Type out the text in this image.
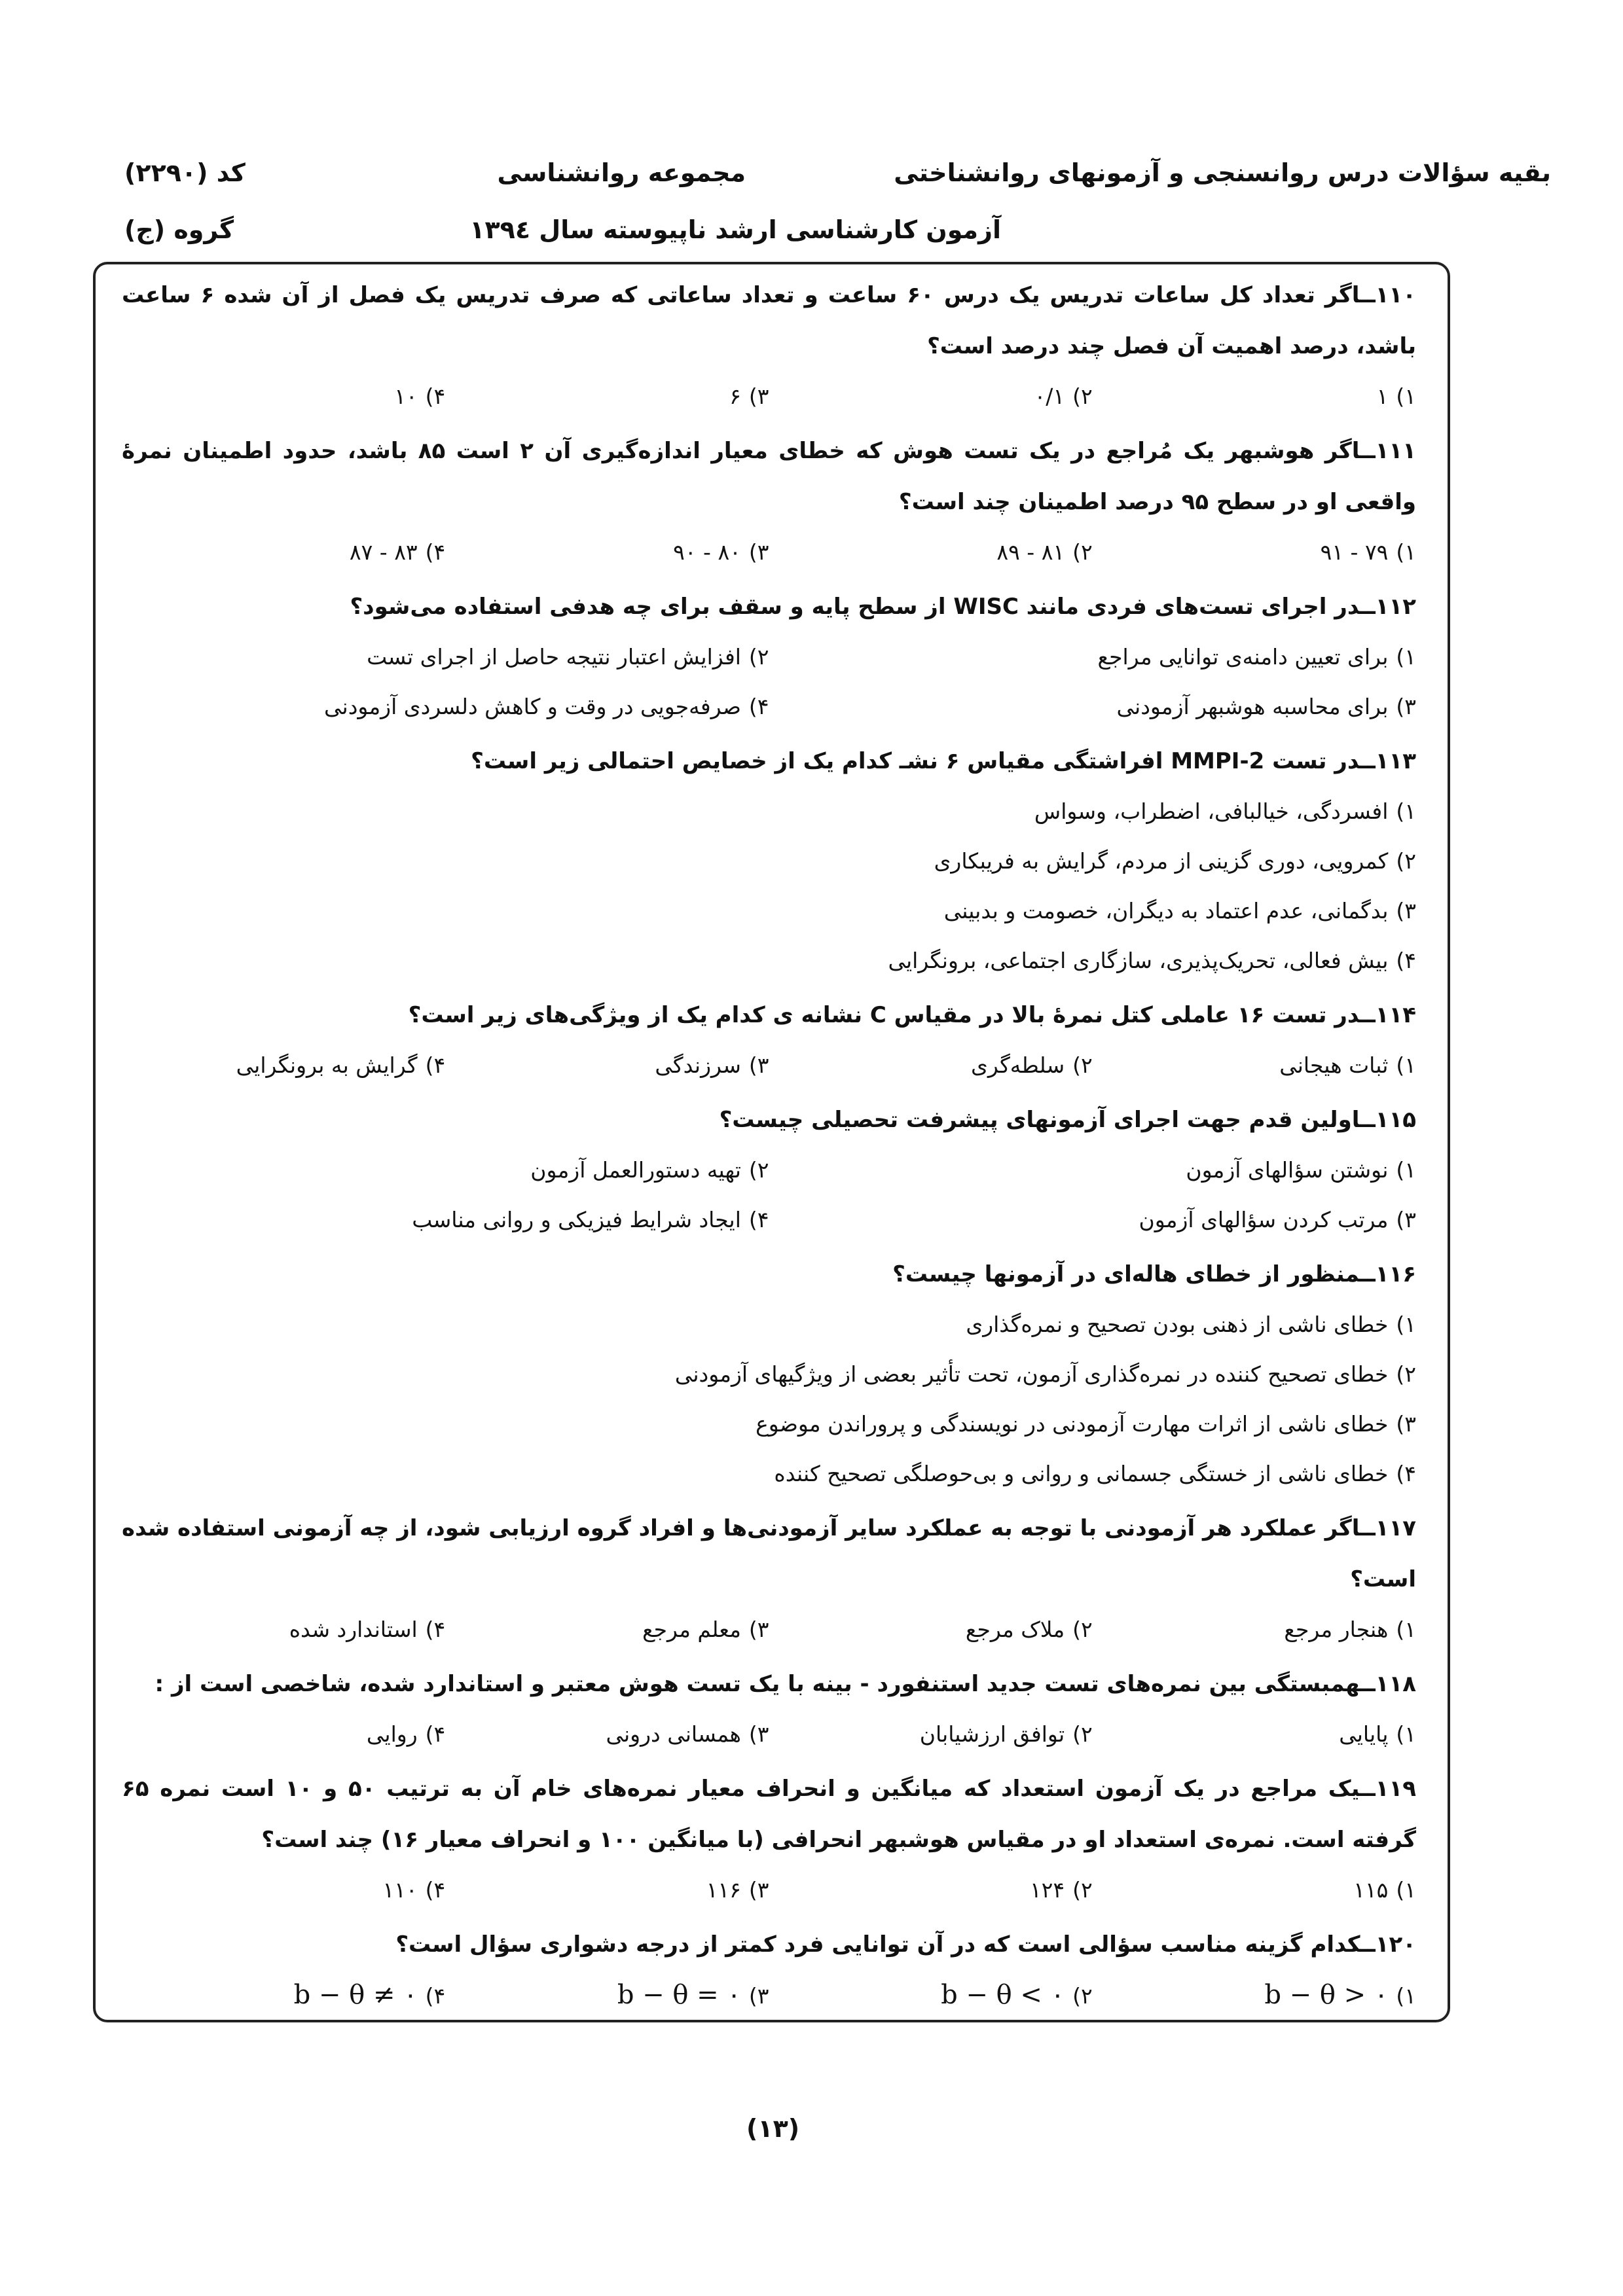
بقیه سؤالات درس روانسنجی و آزمونهای روانشناختی
مجموعه روانشناسی
کد (۲۲۹۰)
آزمون کارشناسی ارشد ناپیوسته سال ۱۳۹٤
گروه (ج)
۱۱۰ــاگر تعداد کل ساعات تدریس یک درس ۶۰ ساعت و تعداد ساعاتی که صرف تدریس یک فصل از آن شده ۶ ساعت باشد، درصد اهمیت آن فصل چند درصد است؟
۱)۱
۲)۰/۱
۳)۶
۴)۱۰
۱۱۱ــاگر هوشبهر یک مُراجع در یک تست هوش که خطای معیار اندازه‌گیری آن ۲ است ۸۵ باشد، حدود اطمینان نمرۀ واقعی او در سطح ۹۵ درصد اطمینان چند است؟
۱)۷۹ - ۹۱
۲)۸۱ - ۸۹
۳)۸۰ - ۹۰
۴)۸۳ - ۸۷
۱۱۲ــدر اجرای تست‌های فردی مانند WISC از سطح پایه و سقف برای چه هدفی استفاده می‌شود؟
۱)برای تعیین دامنه‌ی توانایی مراجع
۲)افزایش اعتبار نتیجه حاصل از اجرای تست
۳)برای محاسبه هوشبهر آزمودنی
۴)صرفه‌جویی در وقت و کاهش دلسردی آزمودنی
۱۱۳ــدر تست MMPI-2 افراشتگی مقیاس ۶ نشـ کدام یک از خصایص احتمالی زیر است؟
۱)افسردگی، خیالبافی، اضطراب، وسواس
۲)کمرویی، دوری گزینی از مردم، گرایش به فریبکاری
۳)بدگمانی، عدم اعتماد به دیگران، خصومت و بدبینی
۴)بیش فعالی، تحریک‌پذیری، سازگاری اجتماعی، برونگرایی
۱۱۴ــدر تست ۱۶ عاملی کتل نمرۀ بالا در مقیاس C نشانه ی کدام یک از ویژگی‌های زیر است؟
۱)ثبات هیجانی
۲)سلطه‌گری
۳)سرزندگی
۴)گرایش به برونگرایی
۱۱۵ــاولین قدم جهت اجرای آزمونهای پیشرفت تحصیلی چیست؟
۱)نوشتن سؤالهای آزمون
۲)تهیه دستورالعمل آزمون
۳)مرتب کردن سؤالهای آزمون
۴)ایجاد شرایط فیزیکی و روانی مناسب
۱۱۶ــمنظور از خطای هاله‌ای در آزمونها چیست؟
۱)خطای ناشی از ذهنی بودن تصحیح و نمره‌گذاری
۲)خطای تصحیح کننده در نمره‌گذاری آزمون، تحت تأثیر بعضی از ویژگیهای آزمودنی
۳)خطای ناشی از اثرات مهارت آزمودنی در نویسندگی و پروراندن موضوع
۴)خطای ناشی از خستگی جسمانی و روانی و بی‌حوصلگی تصحیح کننده
۱۱۷ــاگر عملکرد هر آزمودنی با توجه به عملکرد سایر آزمودنی‌ها و افراد گروه ارزیابی شود، از چه آزمونی استفاده شده است؟
۱)هنجار مرجع
۲)ملاک مرجع
۳)معلم مرجع
۴)استاندارد شده
۱۱۸ــهمبستگی بین نمره‌های تست جدید استنفورد - بینه با یک تست هوش معتبر و استاندارد شده، شاخصی است از :
۱)پایایی
۲)توافق ارزشیابان
۳)همسانی درونی
۴)روایی
۱۱۹ــیک مراجع در یک آزمون استعداد که میانگین و انحراف معیار نمره‌های خام آن به ترتیب ۵۰ و ۱۰ است نمره ۶۵ گرفته است. نمره‌ی استعداد او در مقیاس هوشبهر انحرافی (با میانگین ۱۰۰ و انحراف معیار ۱۶) چند است؟
۱)۱۱۵
۲)۱۲۴
۳)۱۱۶
۴)۱۱۰
۱۲۰ــکدام گزینه مناسب سؤالی است که در آن توانایی فرد کمتر از درجه دشواری سؤال است؟
۱)b − θ > ۰
۲)b − θ < ۰
۳)b − θ = ۰
۴)b − θ ≠ ۰
(۱۳)
